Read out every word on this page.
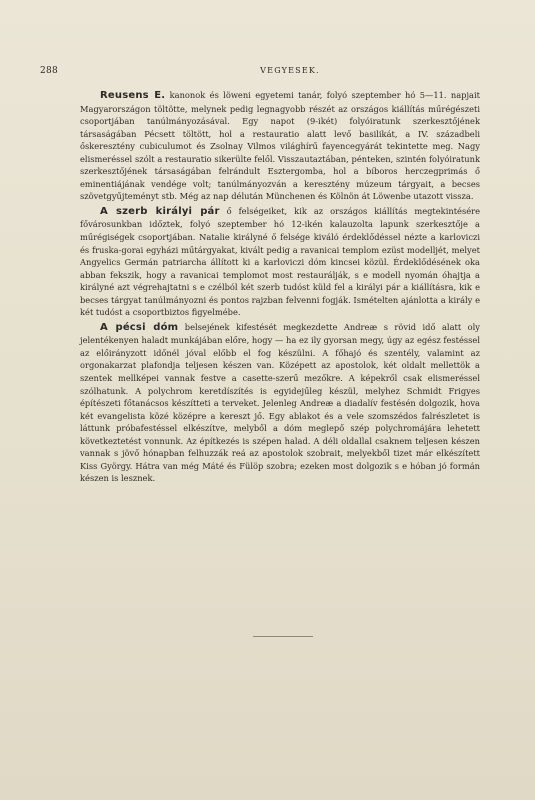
288	VEGYESEK.

Reusens E. kanonok és löweni egyetemi tanár, folyó szeptember hó 5—11. napjait Magyarországon töltötte, melynek pedig legnagyobb részét az országos kiállítás műrégészeti csoportjában tanúlmányozásával. Egy napot (9-ikét) folyóiratunk szerkesztőjének társaságában Pécsett töltött, hol a restauratio alatt levő basilikát, a IV. századbeli őskeresztény cubiculumot és Zsolnay Vilmos világhírű fayencegyárát tekintette meg. Nagy elismeréssel szólt a restauratio sikerülte felől. Visszautaztában, pénteken, szintén folyóiratunk szerkesztőjének társaságában felrándult Esztergomba, hol a bíboros herczegprimás ő eminentiájának vendége volt; tanúlmányozván a keresztény múzeum tárgyait, a becses szövetgyűjteményt stb. Még az nap délután Münchenen és Kölnön át Löwenbe utazott vissza.

A szerb királyi pár ő felségeiket, kik az országos kiállítás megtekintésére fővárosunkban időztek, folyó szeptember hó 12-ikén kalauzolta lapunk szerkesztője a műrégiségek csoportjában. Natalie királyné ő felsége kiváló érdeklődéssel nézte a karloviczi és fruska-gorai egyházi műtárgyakat, kivált pedig a ravanicai templom ezüst modelljét, melyet Angyelics Germán patriarcha állított ki a karloviczi dóm kincsei közül. Érdeklődésének oka abban fekszik, hogy a ravanicai templomot most restaurálják, s e modell nyomán óhajtja a királyné azt végrehajtatni s e czélból két szerb tudóst küld fel a királyi pár a kiállításra, kik e becses tárgyat tanúlmányozni és pontos rajzban felvenni fogják. Ismételten ajánlotta a király e két tudóst a csoportbiztos figyelmébe.

A pécsi dóm belsejének kifestését megkezdette Andreæ s rövid idő alatt oly jelentékenyen haladt munkájában előre, hogy — ha ez ily gyorsan megy, úgy az egész festéssel az előirányzott időnél jóval előbb el fog készülni. A főhajó és szentély, valamint az orgonakarzat plafondja teljesen készen van. Középett az apostolok, két oldalt mellettök a szentek mellképei vannak festve a casette-szerű mezőkre. A képekről csak elismeréssel szólhatunk. A polychrom keretdíszítés is egyidejűleg készül, melyhez Schmidt Frigyes építészeti főtanácsos készítteti a terveket. Jelenleg Andreæ a diadalív festésén dolgozik, hova két evangelista közé középre a kereszt jő. Egy ablakot és a vele szomszédos falrészletet is láttunk próbafestéssel elkészítve, melyből a dóm meglepő szép polychromájára lehetett következtetést vonnunk. Az építkezés is szépen halad. A déli oldallal csaknem teljesen készen vannak s jövő hónapban felhuzzák reá az apostolok szobrait, melyekből tizet már elkészített Kiss György. Hátra van még Máté és Fülöp szobra; ezeken most dolgozik s e hóban jó formán készen is lesznek.
